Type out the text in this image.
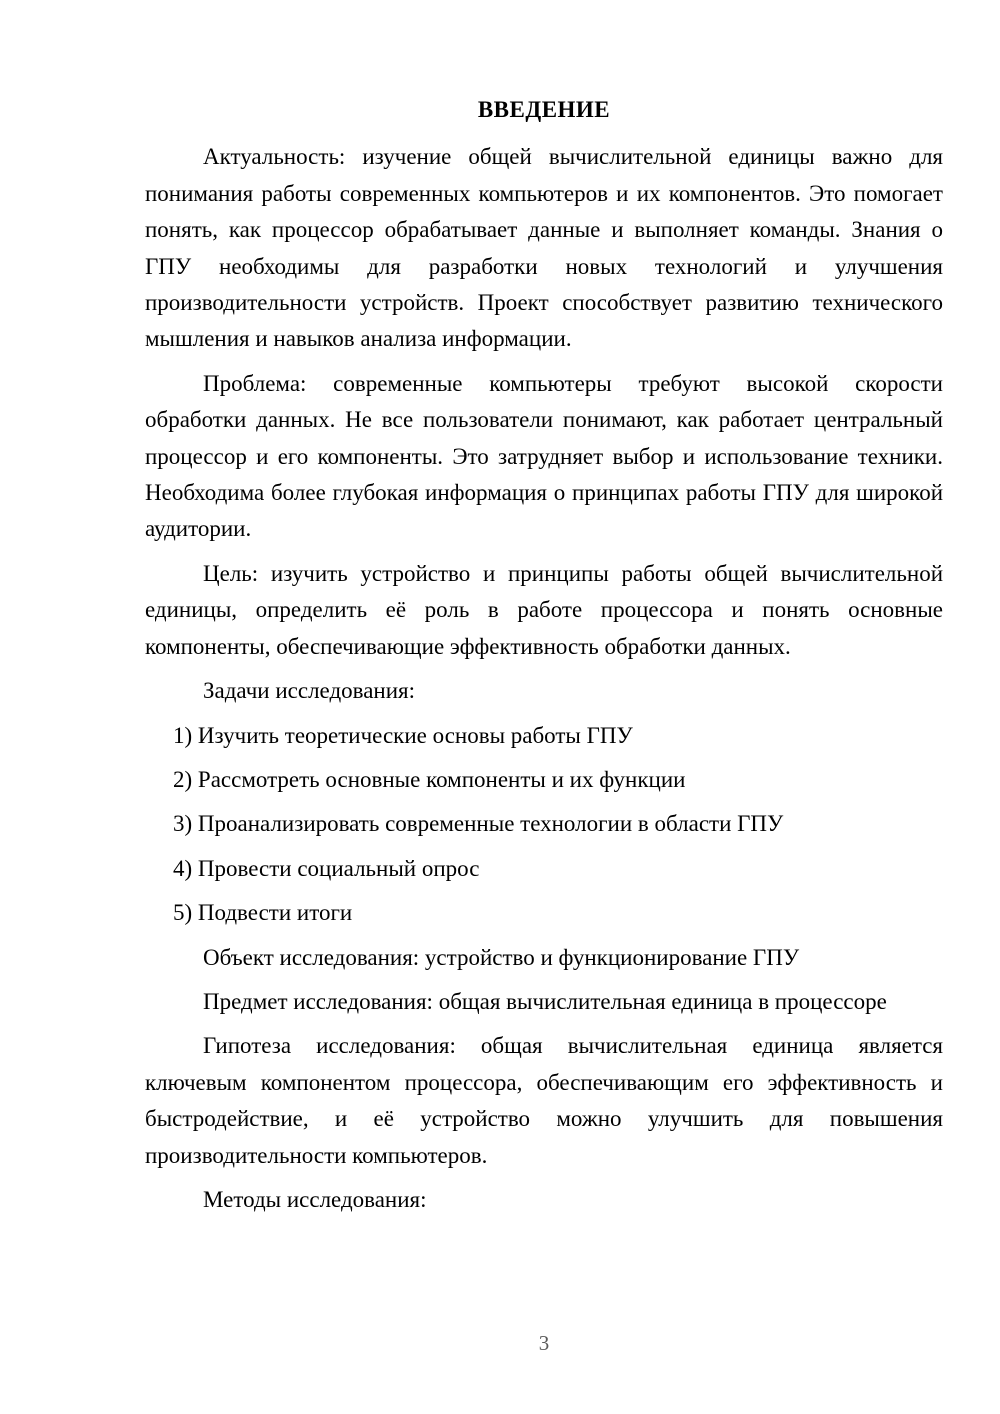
ВВЕДЕНИЕ

Актуальность: изучение общей вычислительной единицы важно для понимания работы современных компьютеров и их компонентов. Это помогает понять, как процессор обрабатывает данные и выполняет команды. Знания о ГПУ необходимы для разработки новых технологий и улучшения производительности устройств. Проект способствует развитию технического мышления и навыков анализа информации.

Проблема: современные компьютеры требуют высокой скорости обработки данных. Не все пользователи понимают, как работает центральный процессор и его компоненты. Это затрудняет выбор и использование техники. Необходима более глубокая информация о принципах работы ГПУ для широкой аудитории.

Цель: изучить устройство и принципы работы общей вычислительной единицы, определить её роль в работе процессора и понять основные компоненты, обеспечивающие эффективность обработки данных.

Задачи исследования:

1) Изучить теоретические основы работы ГПУ

2) Рассмотреть основные компоненты и их функции

3) Проанализировать современные технологии в области ГПУ

4) Провести социальный опрос

5) Подвести итоги

Объект исследования: устройство и функционирование ГПУ

Предмет исследования: общая вычислительная единица в процессоре

Гипотеза исследования: общая вычислительная единица является ключевым компонентом процессора, обеспечивающим его эффективность и быстродействие, и её устройство можно улучшить для повышения производительности компьютеров.

Методы исследования:

3
